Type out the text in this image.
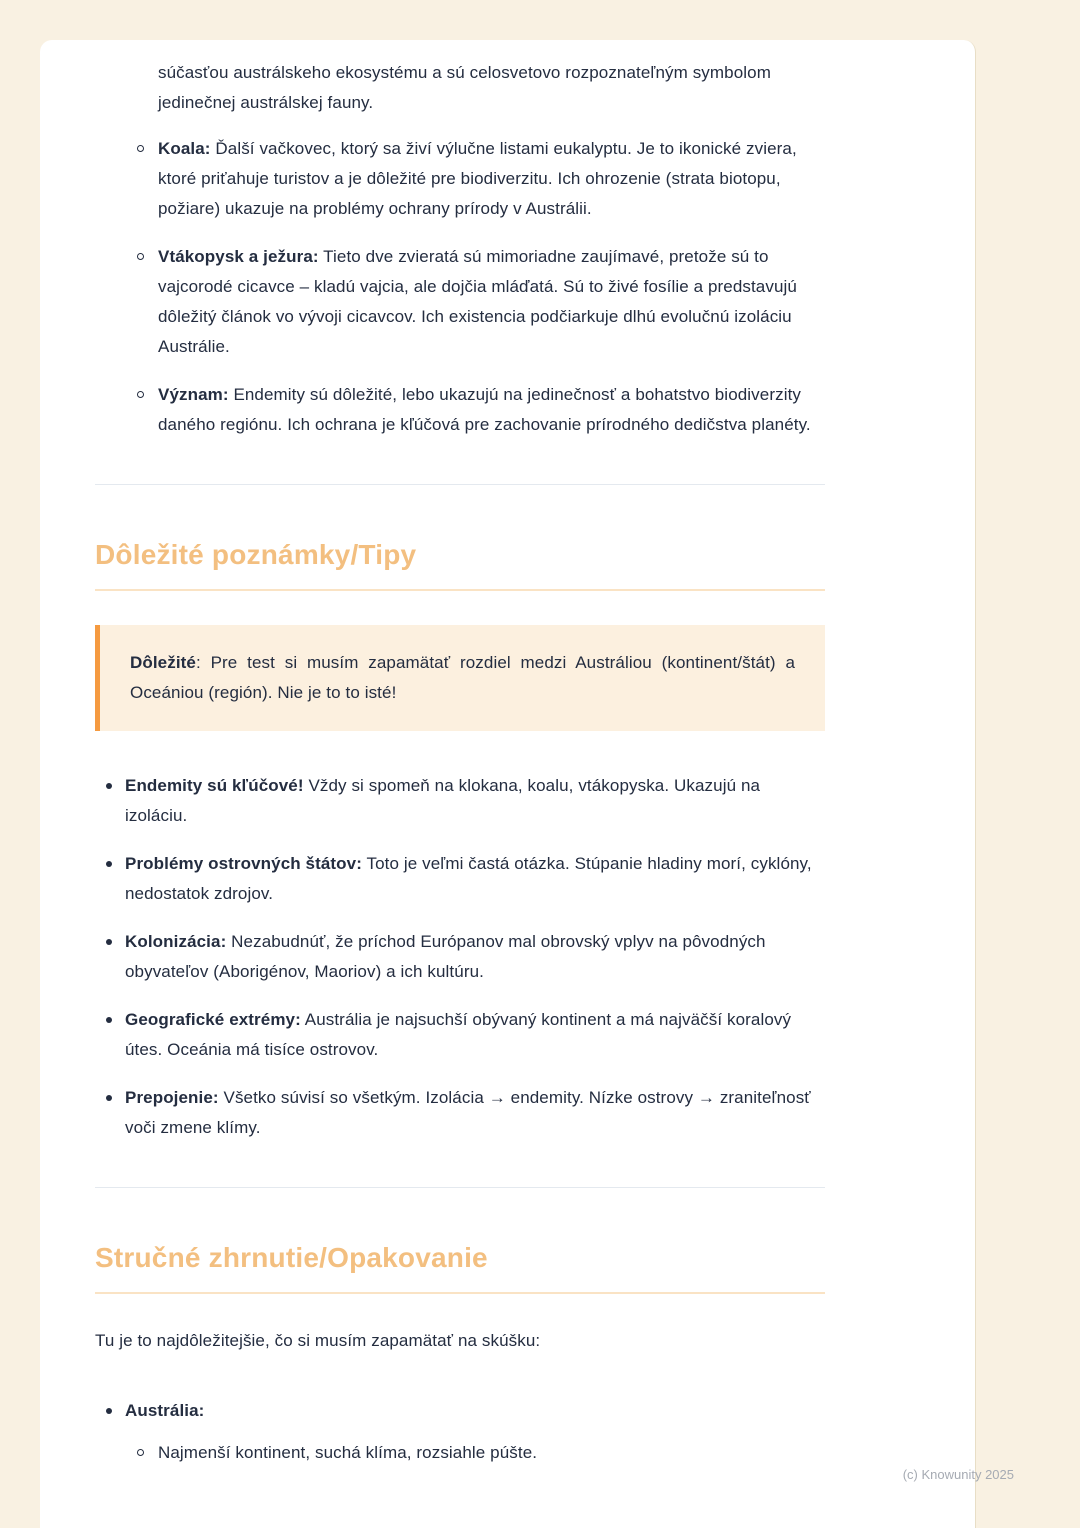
súčasťou austrálskeho ekosystému a sú celosvetovo rozpoznateľným symbolom jedinečnej austrálskej fauny.

Koala: Ďalší vačkovec, ktorý sa živí výlučne listami eukalyptu. Je to ikonické zviera, ktoré priťahuje turistov a je dôležité pre biodiverzitu. Ich ohrozenie (strata biotopu, požiare) ukazuje na problémy ochrany prírody v Austrálii.
Vtákopysk a ježura: Tieto dve zvieratá sú mimoriadne zaujímavé, pretože sú to vajcorodé cicavce – kladú vajcia, ale dojčia mláďatá. Sú to živé fosílie a predstavujú dôležitý článok vo vývoji cicavcov. Ich existencia podčiarkuje dlhú evolučnú izoláciu Austrálie.
Význam: Endemity sú dôležité, lebo ukazujú na jedinečnosť a bohatstvo biodiverzity daného regiónu. Ich ochrana je kľúčová pre zachovanie prírodného dedičstva planéty.
Dôležité poznámky/Tipy

Dôležité: Pre test si musím zapamätať rozdiel medzi Austráliou (kontinent/štát) a Oceániou (región). Nie je to to isté!

Endemity sú kľúčové! Vždy si spomeň na klokana, koalu, vtákopyska. Ukazujú na izoláciu.
Problémy ostrovných štátov: Toto je veľmi častá otázka. Stúpanie hladiny morí, cyklóny, nedostatok zdrojov.
Kolonizácia: Nezabudnúť, že príchod Európanov mal obrovský vplyv na pôvodných obyvateľov (Aborigénov, Maoriov) a ich kultúru.
Geografické extrémy: Austrália je najsuchší obývaný kontinent a má najväčší koralový útes. Oceánia má tisíce ostrovov.
Prepojenie: Všetko súvisí so všetkým. Izolácia → endemity. Nízke ostrovy → zraniteľnosť voči zmene klímy.
Stručné zhrnutie/Opakovanie

Tu je to najdôležitejšie, čo si musím zapamätať na skúšku:

Austrália:
Najmenší kontinent, suchá klíma, rozsiahle púšte.
(c) Knowunity 2025
